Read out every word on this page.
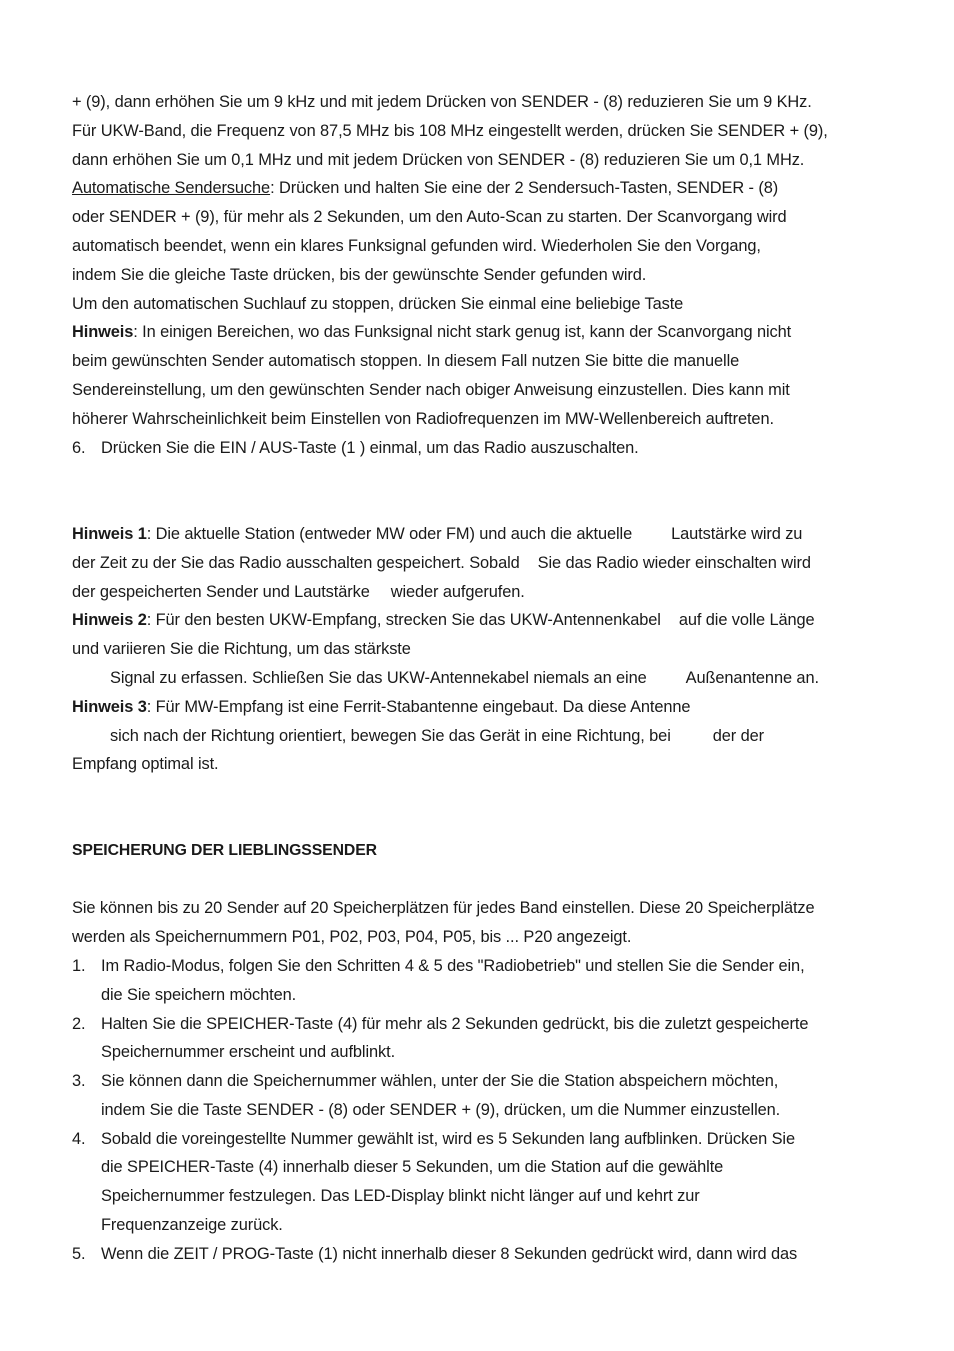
+ (9), dann erhöhen Sie um 9 kHz und mit jedem Drücken von SENDER - (8) reduzieren Sie um 9 KHz.
Für UKW-Band, die Frequenz von 87,5 MHz bis 108 MHz eingestellt werden, drücken Sie SENDER + (9),
dann erhöhen Sie um 0,1 MHz und mit jedem Drücken von SENDER - (8) reduzieren Sie um 0,1 MHz.
Automatische Sendersuche: Drücken und halten Sie eine der 2 Sendersuch-Tasten, SENDER - (8)
oder SENDER + (9), für mehr als 2 Sekunden, um den Auto-Scan zu starten. Der Scanvorgang wird
automatisch beendet, wenn ein klares Funksignal gefunden wird. Wiederholen Sie den Vorgang,
indem Sie die gleiche Taste drücken, bis der gewünschte Sender gefunden wird.
Um den automatischen Suchlauf zu stoppen, drücken Sie einmal eine beliebige Taste
Hinweis: In einigen Bereichen, wo das Funksignal nicht stark genug ist, kann der Scanvorgang nicht
beim gewünschten Sender automatisch stoppen. In diesem Fall nutzen Sie bitte die manuelle
Sendereinstellung, um den gewünschten Sender nach obiger Anweisung einzustellen. Dies kann mit
höherer Wahrscheinlichkeit beim Einstellen von Radiofrequenzen im MW-Wellenbereich auftreten.
6. Drücken Sie die EIN / AUS-Taste (1 ) einmal, um das Radio auszuschalten.
Hinweis 1: Die aktuelle Station (entweder MW oder FM) und auch die aktuelle Lautstärke wird zu
der Zeit zu der Sie das Radio ausschalten gespeichert. Sobald Sie das Radio wieder einschalten wird
der gespeicherten Sender und Lautstärke wieder aufgerufen.
Hinweis 2: Für den besten UKW-Empfang, strecken Sie das UKW-Antennenkabel auf die volle Länge
und variieren Sie die Richtung, um das stärkste
Signal zu erfassen. Schließen Sie das UKW-Antennekabel niemals an eine Außenantenne an.
Hinweis 3: Für MW-Empfang ist eine Ferrit-Stabantenne eingebaut. Da diese Antenne
sich nach der Richtung orientiert, bewegen Sie das Gerät in eine Richtung, bei	der der
Empfang optimal ist.
SPEICHERUNG DER LIEBLINGSSENDER
Sie können bis zu 20 Sender auf 20 Speicherplätzen für jedes Band einstellen. Diese 20 Speicherplätze
werden als Speichernummern P01, P02, P03, P04, P05, bis ... P20 angezeigt.
1. Im Radio-Modus, folgen Sie den Schritten 4 & 5 des "Radiobetrieb" und stellen Sie die Sender ein,
die Sie speichern möchten.
2. Halten Sie die SPEICHER-Taste (4) für mehr als 2 Sekunden gedrückt, bis die zuletzt gespeicherte
Speichernummer erscheint und aufblinkt.
3. Sie können dann die Speichernummer wählen, unter der Sie die Station abspeichern möchten,
indem Sie die Taste SENDER - (8) oder SENDER + (9), drücken, um die Nummer einzustellen.
4. Sobald die voreingestellte Nummer gewählt ist, wird es 5 Sekunden lang aufblinken. Drücken Sie
die SPEICHER-Taste (4) innerhalb dieser 5 Sekunden, um die Station auf die gewählte
Speichernummer festzulegen. Das LED-Display blinkt nicht länger auf und kehrt zur
Frequenzanzeige zurück.
5. Wenn die ZEIT / PROG-Taste (1) nicht innerhalb dieser 8 Sekunden gedrückt wird, dann wird das
